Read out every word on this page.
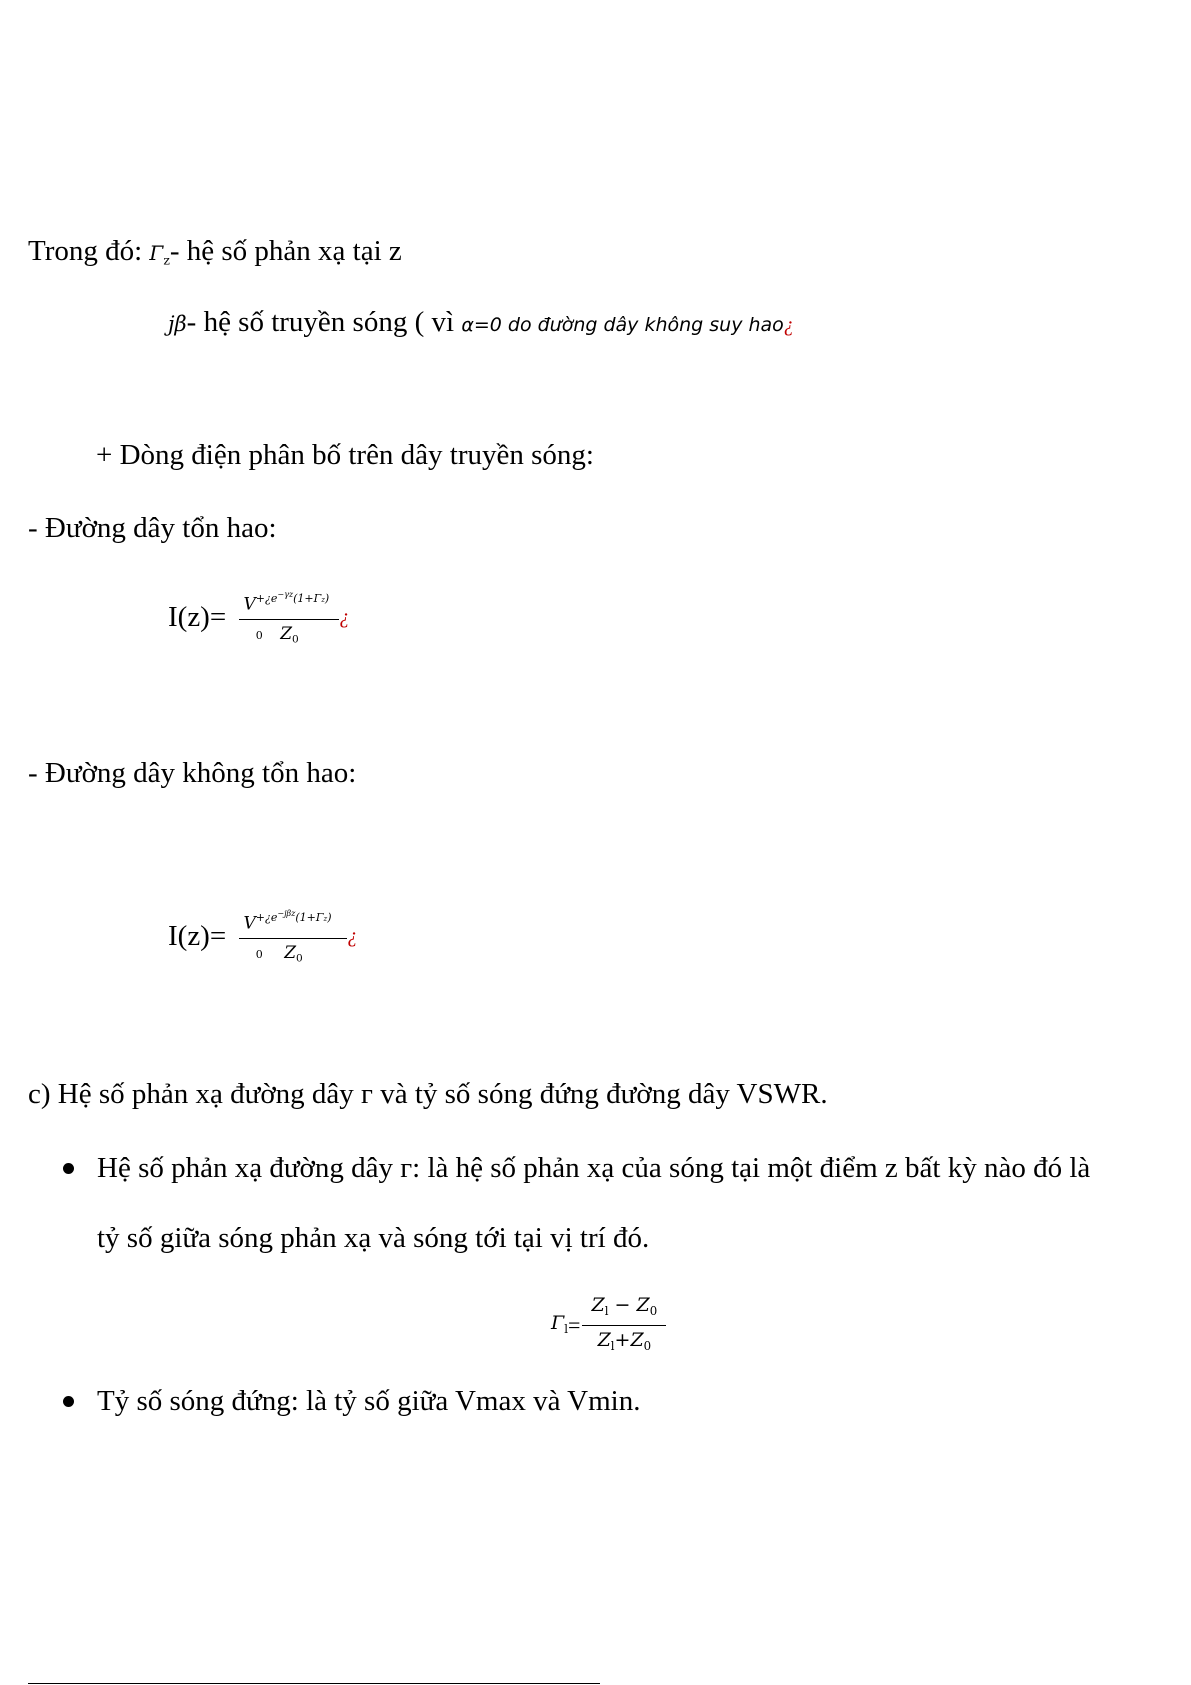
Trong đó: $\Gamma_z-$ hệ số phản xạ tại z
jβ- hệ số truyền sóng ( vì α=0 do đường dây không suy hao¿
+ Dòng điện phân bố trên dây truyền sóng:
- Đường dây tổn hao:
I(z)= V
0
$^{+¿e^{-\gamma z}(1+\Gamma z)}$
$Z_0$ ¿
- Đường dây không tổn hao:
I(z)= V
0
$^{+¿e^{-j\beta z}(1+\Gamma z)}$
$Z_0$ ¿
c) Hệ số phản xạ đường dây г và tỷ số sóng đứng đường dây VSWR.
Hệ số phản xạ đường dây г: là hệ số phản xạ của sóng tại một điểm z bất kỳ nào đó là
tỷ số giữa sóng phản xạ và sóng tới tại vị trí đó.
$\Gamma_l= \frac{Z_l - Z_0}{Z_l+Z_0}$
Tỷ số sóng đứng: là tỷ số giữa Vmax và Vmin.
